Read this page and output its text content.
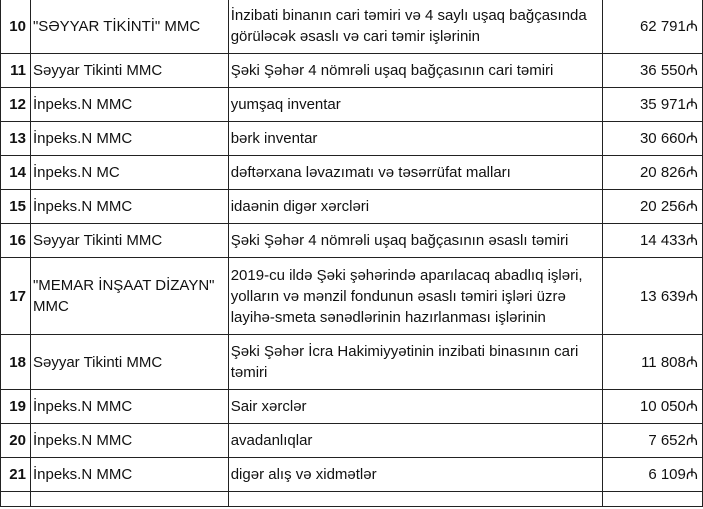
10	"SƏYYAR TİKİNTİ" MMC	İnzibati binanın cari təmiri və 4 saylı uşaq bağçasında görüləcək əsaslı və cari təmir işlərinin	62 791₼
11	Səyyar Tikinti MMC	Şəki Şəhər 4 nömrəli uşaq bağçasının cari təmiri	36 550₼
12	İnpeks.N MMC	yumşaq inventar	35 971₼
13	İnpeks.N MMC	bərk inventar	30 660₼
14	İnpeks.N MC	dəftərxana ləvazımatı və təsərrüfat malları	20 826₼
15	İnpeks.N MMC	idaənin digər xərcləri	20 256₼
16	Səyyar Tikinti MMC	Şəki Şəhər 4 nömrəli uşaq bağçasının əsaslı təmiri	14 433₼
17	"MEMAR İNŞAAT DİZAYN" MMC	2019-cu ildə Şəki şəhərində aparılacaq abadlıq işləri, yolların və mənzil fondunun əsaslı təmiri işləri üzrə layihə-smeta sənədlərinin hazırlanması işlərinin	13 639₼
18	Səyyar Tikinti MMC	Şəki Şəhər İcra Hakimiyyətinin inzibati binasının cari təmiri	11 808₼
19	İnpeks.N MMC	Sair xərclər	10 050₼
20	İnpeks.N MMC	avadanlıqlar	7 652₼
21	İnpeks.N MMC	digər alış və xidmətlər	6 109₼
